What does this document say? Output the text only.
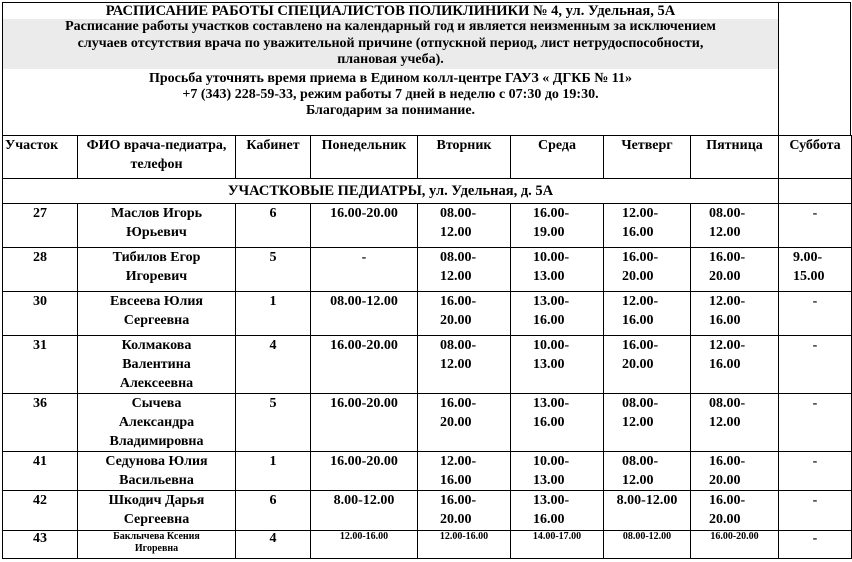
РАСПИСАНИЕ РАБОТЫ СПЕЦИАЛИСТОВ ПОЛИКЛИНИКИ № 4, ул. Удельная, 5А
Расписание работы участков составлено на календарный год и является неизменным за исключением
случаев отсутствия врача по уважительной причине (отпускной период, лист нетрудоспособности,
плановая учеба).
Просьба уточнять время приема в Едином колл-центре ГАУЗ « ДГКБ № 11»
+7 (343) 228-59-33, режим работы 7 дней в неделю с 07:30 до 19:30.
Благодарим за понимание.
Участок	ФИО врача-педиатра, телефон	Кабинет	Понедельник	Вторник	Среда	Четверг	Пятница	Суббота
УЧАСТКОВЫЕ ПЕДИАТРЫ, ул. Удельная, д. 5А								
27	Маслов Игорь Юрьевич	6	16.00-20.00	08.00-12.00	16.00-19.00	12.00-16.00	08.00-12.00	-
28	Тибилов Егор Игоревич	5	-	08.00-12.00	10.00-13.00	16.00-20.00	16.00-20.00	9.00-15.00
30	Евсеева Юлия Сергеевна	1	08.00-12.00	16.00-20.00	13.00-16.00	12.00-16.00	12.00-16.00	-
31	Колмакова Валентина Алексеевна	4	16.00-20.00	08.00-12.00	10.00-13.00	16.00-20.00	12.00-16.00	-
36	Сычева Александра Владимировна	5	16.00-20.00	16.00-20.00	13.00-16.00	08.00-12.00	08.00-12.00	-
41	Седунова Юлия Васильевна	1	16.00-20.00	12.00-16.00	10.00-13.00	08.00-12.00	16.00-20.00	-
42	Шкодич Дарья Сергеевна	6	8.00-12.00	16.00-20.00	13.00-16.00	8.00-12.00	16.00-20.00	-
43	Баклычева Ксения Игоревна	4	12.00-16.00	12.00-16.00	14.00-17.00	08.00-12.00	16.00-20.00	-
